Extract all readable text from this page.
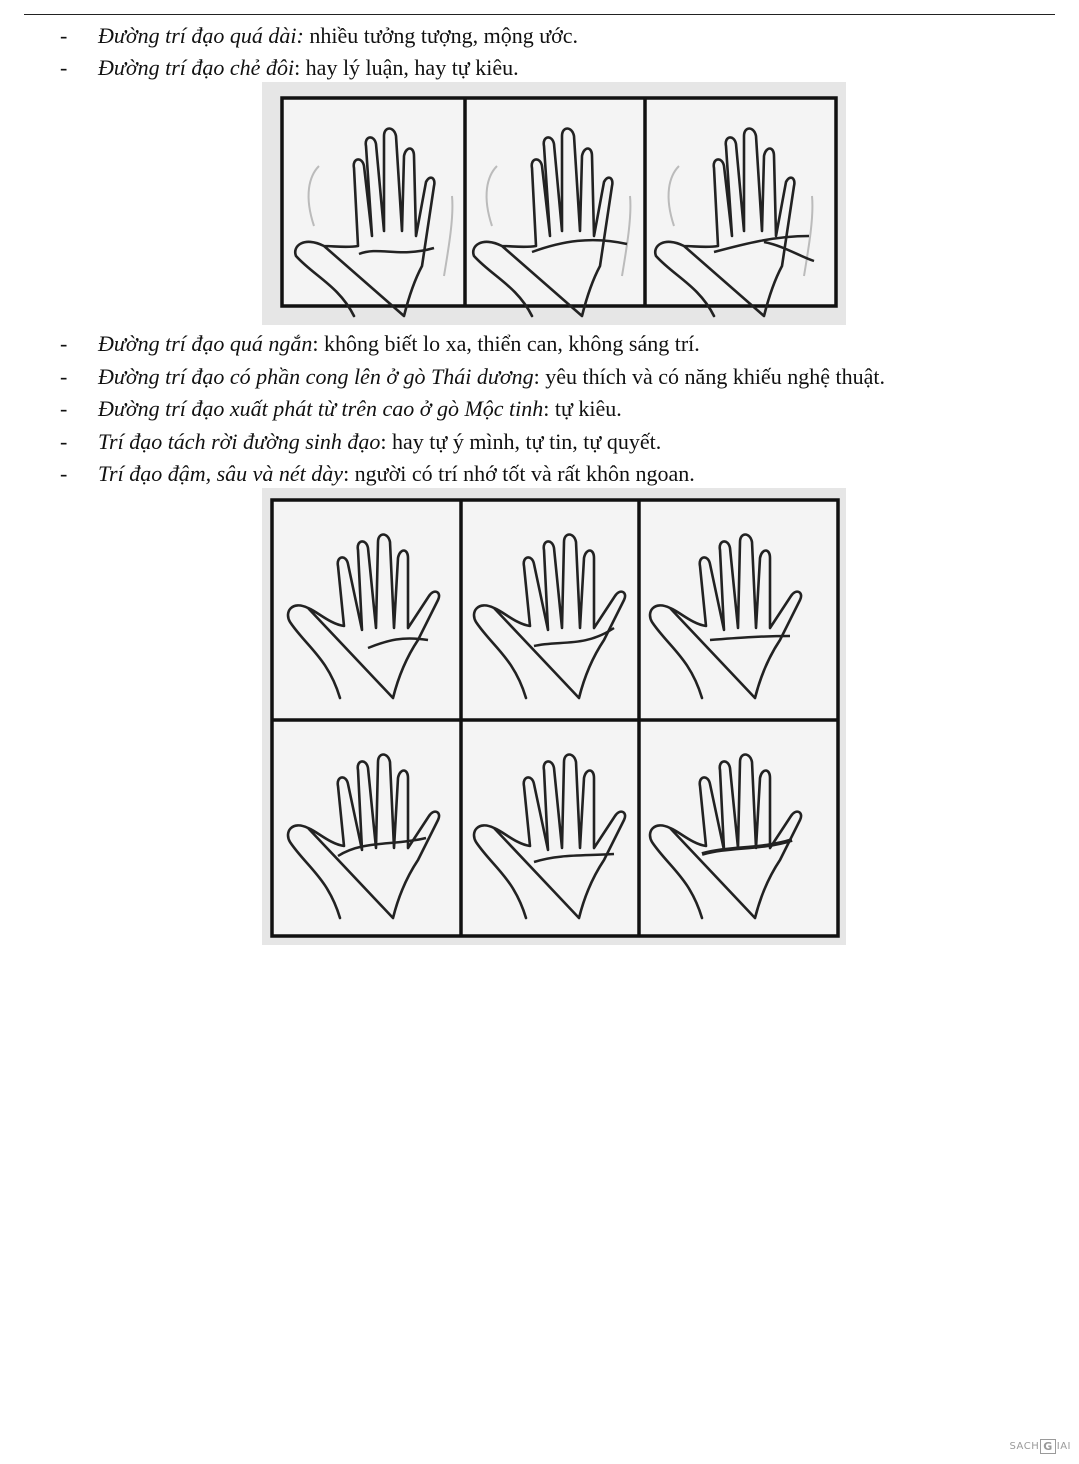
- Đường trí đạo quá dài: nhiều tưởng tượng, mộng ước.
- Đường trí đạo chẻ đôi: hay lý luận, hay tự kiêu.
- Đường trí đạo quá ngắn: không biết lo xa, thiển can, không sáng trí.
- Đường trí đạo có phần cong lên ở gò Thái dương: yêu thích và có năng khiếu nghệ thuật.
- Đường trí đạo xuất phát từ trên cao ở gò Mộc tinh: tự kiêu.
- Trí đạo tách rời đường sinh đạo: hay tự ý mình, tự tin, tự quyết.
- Trí đạo đậm, sâu và nét dày: người có trí nhớ tốt và rất khôn ngoan.
SACH G IAI
